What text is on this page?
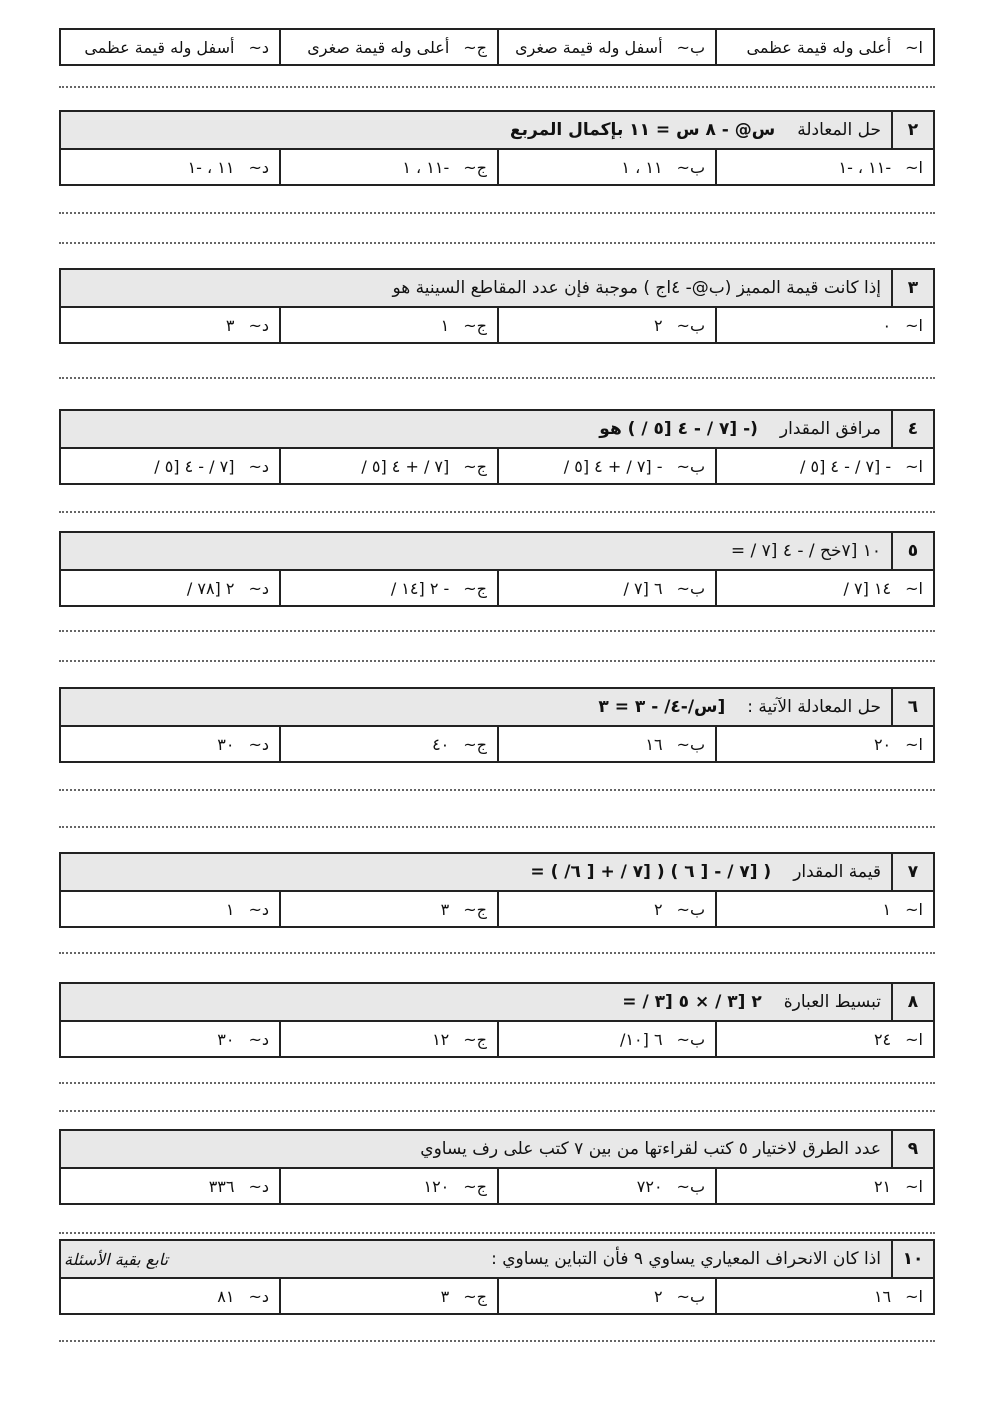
ا~
أعلى وله قيمة عظمى
ب~
أسفل وله قيمة صغرى
ج~
أعلى وله قيمة صغرى
د~
أسفل وله قيمة عظمى
٢
حل المعادلة
س@ - ٨ س = ١١ بإكمال المربع
ا~
-١١ ، -١
ب~
١١ ، ١
ج~
-١١ ، ١
د~
١١ ، -١
٣
إذا كانت قيمة المميز (ب@- ٤اج ) موجبة فإن عدد المقاطع السينية هو
ا~
٠
ب~
٢
ج~
١
د~
٣
٤
مرافق المقدار
(- [٧ / - ٤ [٥ / ) هو
ا~
- [٧ / - ٤ [٥ /
ب~
- [٧ / + ٤ [٥ /
ج~
[٧ / + ٤ [٥ /
د~
[٧ / - ٤ [٥ /
٥
١٠ [٧خح / - ٤ [٧ / =
ا~
١٤ [٧ /
ب~
٦ [٧ /
ج~
- ٢ [١٤ /
د~
٢ [٧٨ /
٦
حل المعادلة الآتية :
[س/-٤/ - ٣ = ٣
ا~
٢٠
ب~
١٦
ج~
٤٠
د~
٣٠
٧
قيمة المقدار
( [٧ / - [ ٦ ) ( [٧ / + [ ٦/ ) =
ا~
١
ب~
٢
ج~
٣
د~
١
٨
تبسيط العبارة
٢ [٣ / × ٥ [٣ / =
ا~
٢٤
ب~
٦ [١٠/
ج~
١٢
د~
٣٠
٩
عدد الطرق لاختيار ٥ كتب لقراءتها من بين ٧ كتب على رف يساوي
ا~
٢١
ب~
٧٢٠
ج~
١٢٠
د~
٣٣٦
١٠
اذا كان الانحراف المعياري يساوي ٩ فأن التباين يساوي :
ا~
١٦
ب~
٢
ج~
٣
د~
٨١
تابع بقية الأسئلة
